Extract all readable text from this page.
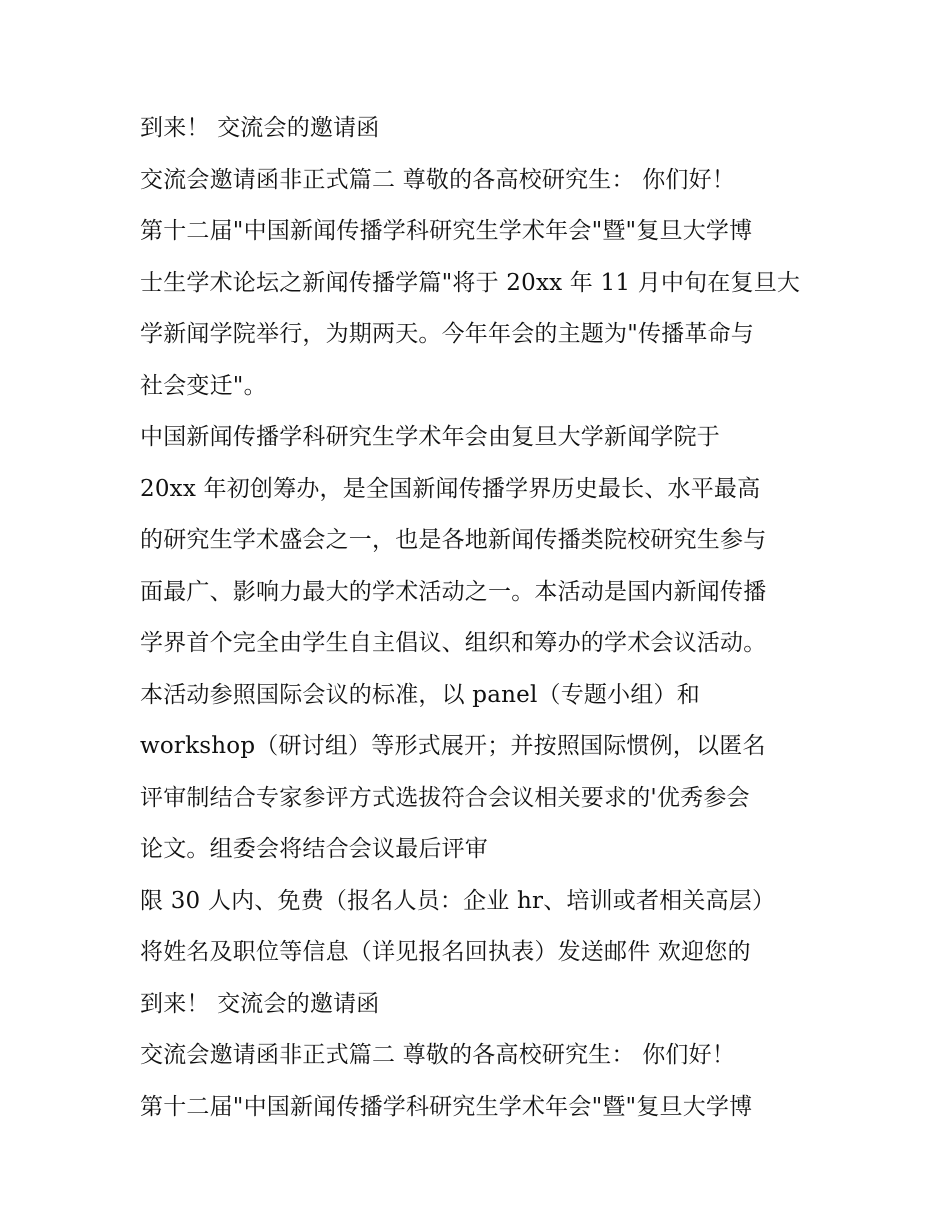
到来！ 交流会的邀请函
交流会邀请函非正式篇二 尊敬的各高校研究生： 你们好！
第十二届"中国新闻传播学科研究生学术年会"暨"复旦大学博
士生学术论坛之新闻传播学篇"将于 20xx 年 11 月中旬在复旦大
学新闻学院举行，为期两天。今年年会的主题为"传播革命与
社会变迁"。
中国新闻传播学科研究生学术年会由复旦大学新闻学院于
20xx 年初创筹办，是全国新闻传播学界历史最长、水平最高
的研究生学术盛会之一，也是各地新闻传播类院校研究生参与
面最广、影响力最大的学术活动之一。本活动是国内新闻传播
学界首个完全由学生自主倡议、组织和筹办的学术会议活动。
本活动参照国际会议的标准，以 panel（专题小组）和
workshop（研讨组）等形式展开；并按照国际惯例，以匿名
评审制结合专家参评方式选拔符合会议相关要求的'优秀参会
论文。组委会将结合会议最后评审
限 30 人内、免费（报名人员：企业 hr、培训或者相关高层）
将姓名及职位等信息（详见报名回执表）发送邮件 欢迎您的
到来！ 交流会的邀请函
交流会邀请函非正式篇二 尊敬的各高校研究生： 你们好！
第十二届"中国新闻传播学科研究生学术年会"暨"复旦大学博
